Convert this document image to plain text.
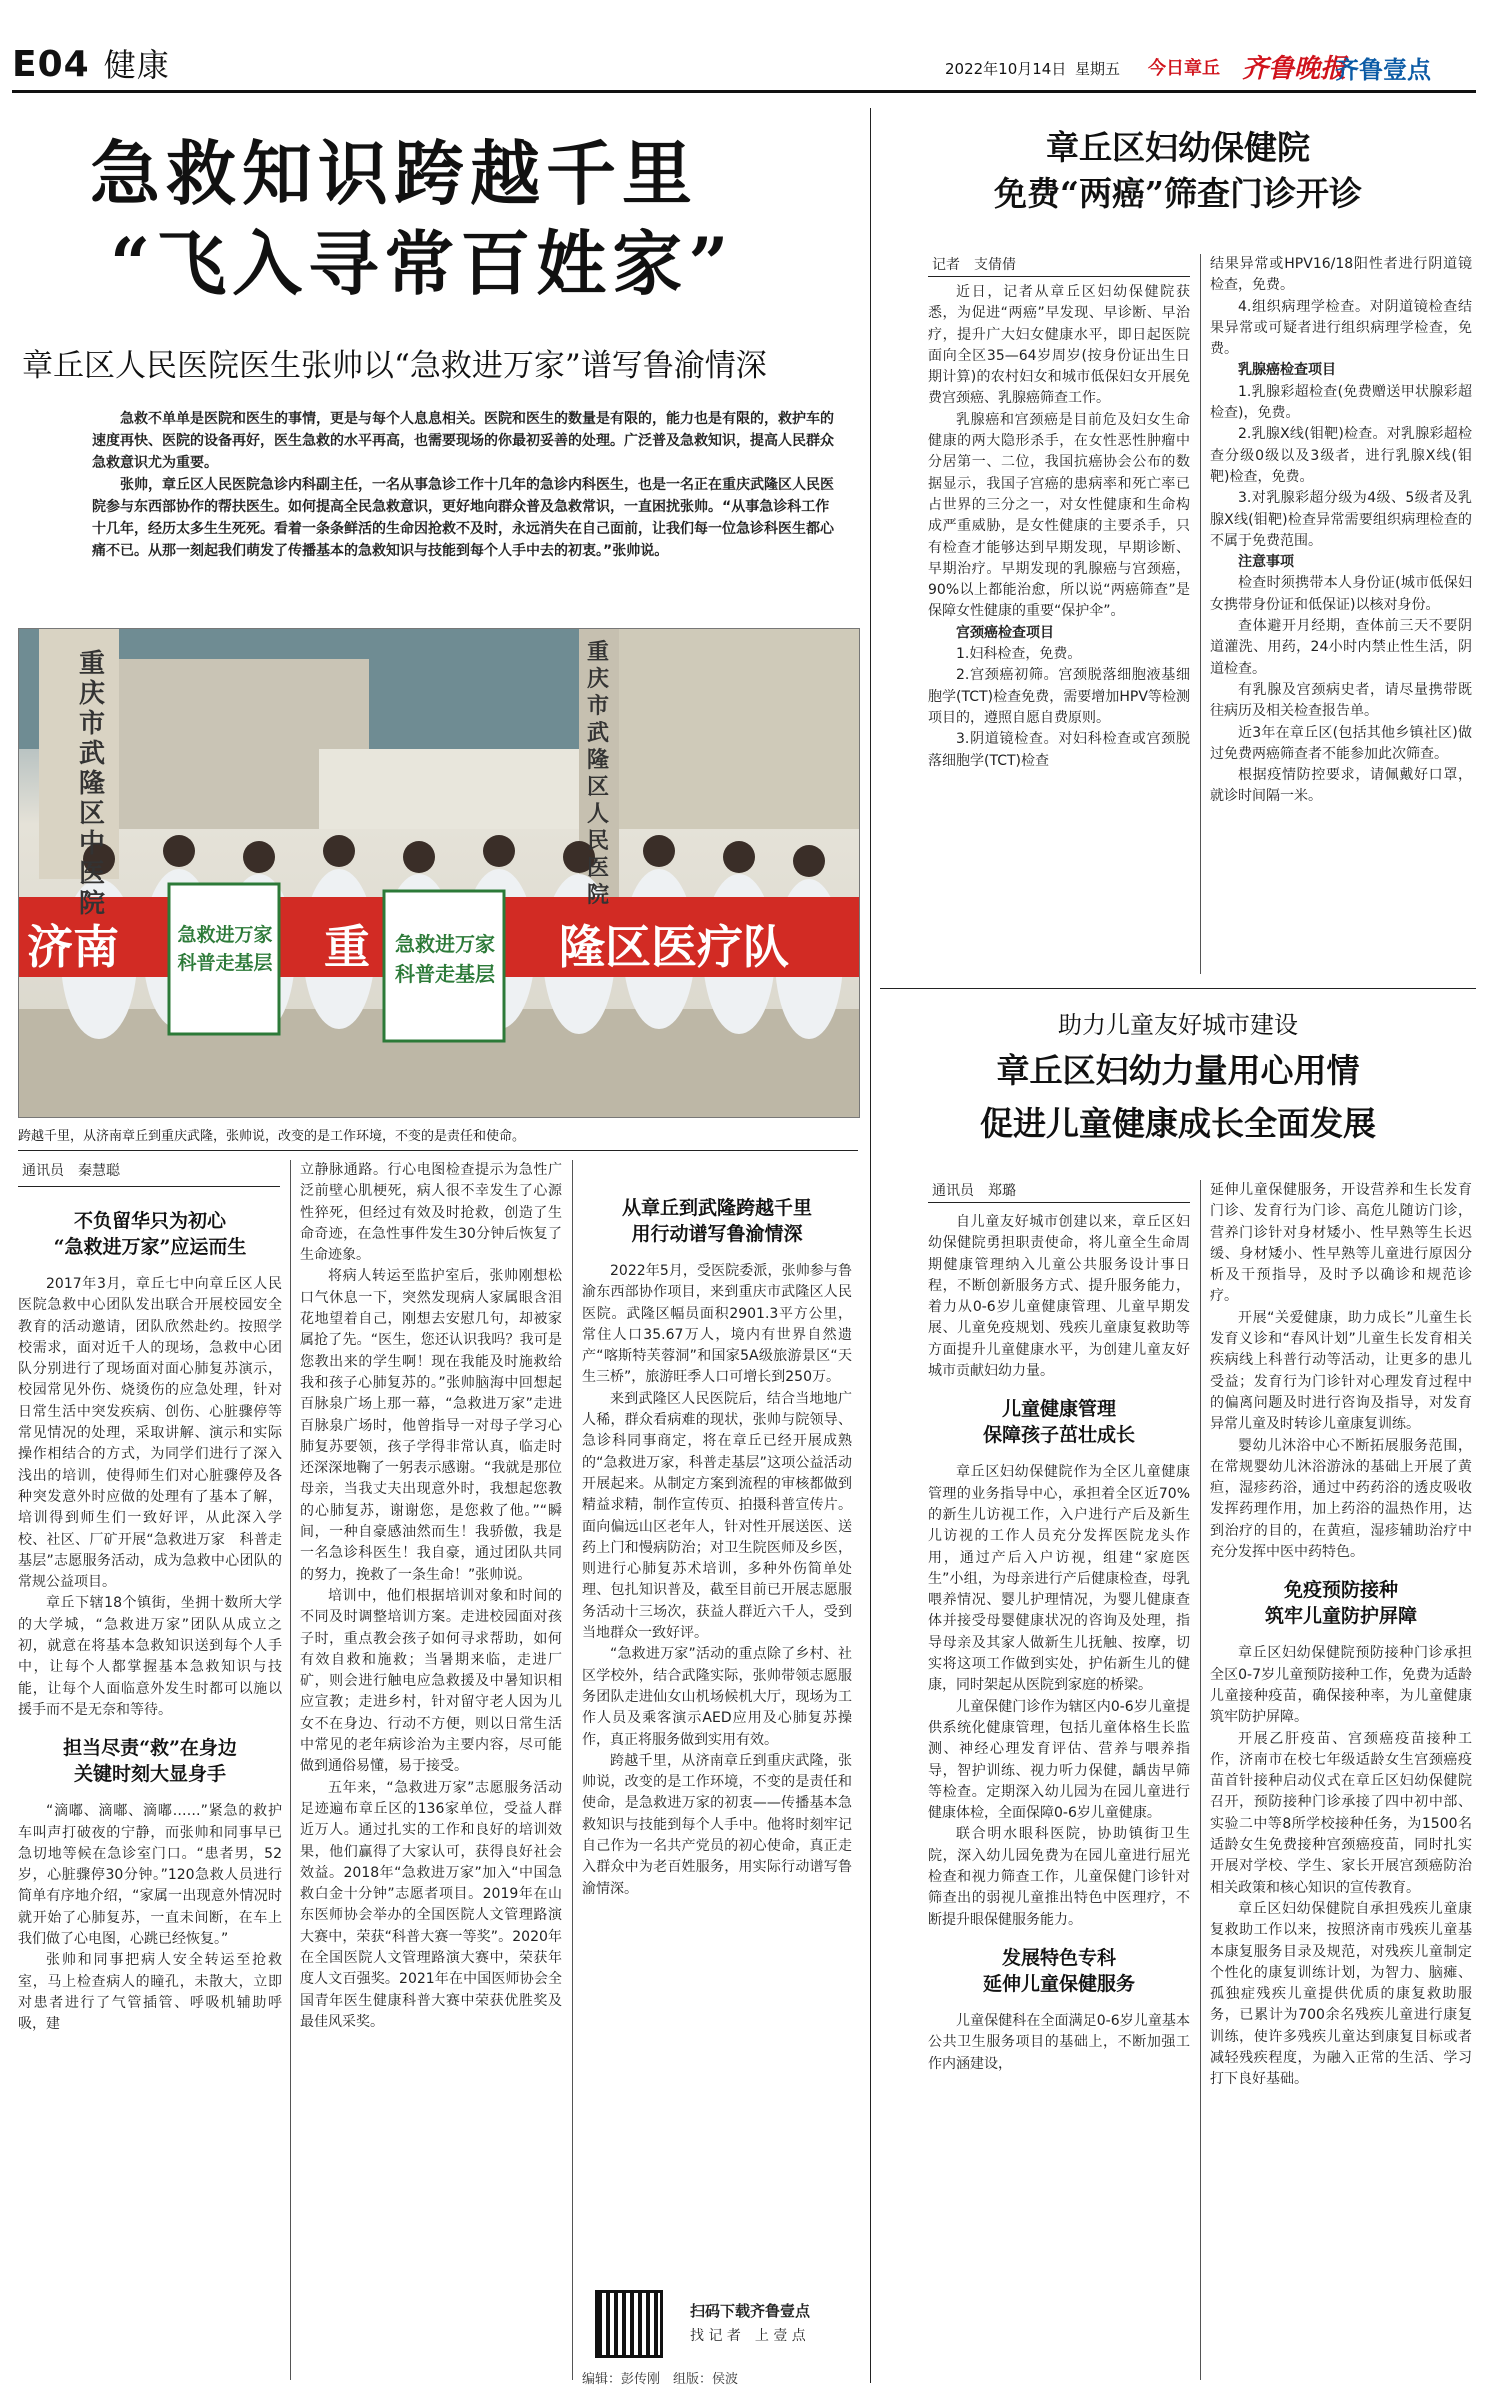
E04 健康	2022年10月14日 星期五 今日章丘 齐鲁晚报
齐鲁壹点
急救知识跨越千里
“飞入寻常百姓家”
章丘区人民医院医生张帅以“急救进万家”谱写鲁渝情深

急救不单单是医院和医生的事情，更是与每个人息息相关。医院和医生的数量是有限的，能力也是有限的，救护车的速度再快、医院的设备再好，医生急救的水平再高，也需要现场的你最初妥善的处理。广泛普及急救知识，提高人民群众急救意识尤为重要。

张帅，章丘区人民医院急诊内科副主任，一名从事急诊工作十几年的急诊内科医生，也是一名正在重庆武隆区人民医院参与东西部协作的帮扶医生。如何提高全民急救意识，更好地向群众普及急救常识，一直困扰张帅。“从事急诊科工作十几年，经历太多生生死死。看着一条条鲜活的生命因抢救不及时，永远消失在自己面前，让我们每一位急诊科医生都心痛不已。从那一刻起我们萌发了传播基本的急救知识与技能到每个人手中去的初衷。”张帅说。

重庆市武隆区中医院
重庆市武隆区人民医院
济南	重	隆区医疗队
急救进万家
科普走基层
急救进万家
科普走基层
跨越千里，从济南章丘到重庆武隆，张帅说，改变的是工作环境，不变的是责任和使命。
通讯员　秦慧聪
不负留华只为初心
“急救进万家”应运而生

2017年3月，章丘七中向章丘区人民医院急救中心团队发出联合开展校园安全教育的活动邀请，团队欣然赴约。按照学校需求，面对近千人的现场，急救中心团队分别进行了现场面对面心肺复苏演示，校园常见外伤、烧烫伤的应急处理，针对日常生活中突发疾病、创伤、心脏骤停等常见情况的处理，采取讲解、演示和实际操作相结合的方式，为同学们进行了深入浅出的培训，使得师生们对心脏骤停及各种突发意外时应做的处理有了基本了解，培训得到师生们一致好评，从此深入学校、社区、厂矿开展“急救进万家　科普走基层”志愿服务活动，成为急救中心团队的常规公益项目。

章丘下辖18个镇街，坐拥十数所大学的大学城，“急救进万家”团队从成立之初，就意在将基本急救知识送到每个人手中，让每个人都掌握基本急救知识与技能，让每个人面临意外发生时都可以施以援手而不是无奈和等待。

担当尽责“救”在身边
关键时刻大显身手

“滴嘟、滴嘟、滴嘟……”紧急的救护车叫声打破夜的宁静，而张帅和同事早已急切地等候在急诊室门口。“患者男，52岁，心脏骤停30分钟。”120急救人员进行简单有序地介绍，“家属一出现意外情况时就开始了心肺复苏，一直未间断，在车上我们做了心电图，心跳已经恢复。”

张帅和同事把病人安全转运至抢救室，马上检查病人的瞳孔，未散大，立即对患者进行了气管插管、呼吸机辅助呼吸，建

立静脉通路。行心电图检查提示为急性广泛前壁心肌梗死，病人很不幸发生了心源性猝死，但经过有效及时抢救，创造了生命奇迹，在急性事件发生30分钟后恢复了生命迹象。

将病人转运至监护室后，张帅刚想松口气休息一下，突然发现病人家属眼含泪花地望着自己，刚想去安慰几句，却被家属抢了先。“医生，您还认识我吗？我可是您教出来的学生啊！现在我能及时施救给我和孩子心肺复苏的。”张帅脑海中回想起百脉泉广场上那一幕，“急救进万家”走进百脉泉广场时，他曾指导一对母子学习心肺复苏要领，孩子学得非常认真，临走时还深深地鞠了一躬表示感谢。“我就是那位母亲，当我丈夫出现意外时，我想起您教的心肺复苏，谢谢您，是您救了他。”“瞬间，一种自豪感油然而生！我骄傲，我是一名急诊科医生！我自豪，通过团队共同的努力，挽救了一条生命！”张帅说。

培训中，他们根据培训对象和时间的不同及时调整培训方案。走进校园面对孩子时，重点教会孩子如何寻求帮助，如何有效自救和施救；当暑期来临，走进厂矿，则会进行触电应急救援及中暑知识相应宣教；走进乡村，针对留守老人因为儿女不在身边、行动不方便，则以日常生活中常见的老年病诊治为主要内容，尽可能做到通俗易懂，易于接受。

五年来，“急救进万家”志愿服务活动足迹遍布章丘区的136家单位，受益人群近万人。通过扎实的工作和良好的培训效果，他们赢得了大家认可，获得良好社会效益。2018年“急救进万家”加入“中国急救白金十分钟”志愿者项目。2019年在山东医师协会举办的全国医院人文管理路演大赛中，荣获“科普大赛一等奖”。2020年在全国医院人文管理路演大赛中，荣获年度人文百强奖。2021年在中国医师协会全国青年医生健康科普大赛中荣获优胜奖及最佳风采奖。

从章丘到武隆跨越千里
用行动谱写鲁渝情深

2022年5月，受医院委派，张帅参与鲁渝东西部协作项目，来到重庆市武隆区人民医院。武隆区幅员面积2901.3平方公里，常住人口35.67万人，境内有世界自然遗产“喀斯特芙蓉洞”和国家5A级旅游景区“天生三桥”，旅游旺季人口可增长到250万。

来到武隆区人民医院后，结合当地地广人稀，群众看病难的现状，张帅与院领导、急诊科同事商定，将在章丘已经开展成熟的“急救进万家，科普走基层”这项公益活动开展起来。从制定方案到流程的审核都做到精益求精，制作宣传页、拍摄科普宣传片。面向偏远山区老年人，针对性开展送医、送药上门和慢病防治；对卫生院医师及乡医，则进行心肺复苏术培训，多种外伤简单处理、包扎知识普及，截至目前已开展志愿服务活动十三场次，获益人群近六千人，受到当地群众一致好评。

“急救进万家”活动的重点除了乡村、社区学校外，结合武隆实际，张帅带领志愿服务团队走进仙女山机场候机大厅，现场为工作人员及乘客演示AED应用及心肺复苏操作，真正将服务做到实用有效。

跨越千里，从济南章丘到重庆武隆，张帅说，改变的是工作环境，不变的是责任和使命，是急救进万家的初衷——传播基本急救知识与技能到每个人手中。他将时刻牢记自己作为一名共产党员的初心使命，真正走入群众中为老百姓服务，用实际行动谱写鲁渝情深。

扫码下载齐鲁壹点
找 记 者　上 壹 点
编辑：彭传刚　组版：侯波
章丘区妇幼保健院
免费“两癌”筛查门诊开诊
记者　支倩倩

近日，记者从章丘区妇幼保健院获悉，为促进“两癌”早发现、早诊断、早治疗，提升广大妇女健康水平，即日起医院面向全区35—64岁周岁(按身份证出生日期计算)的农村妇女和城市低保妇女开展免费宫颈癌、乳腺癌筛查工作。

乳腺癌和宫颈癌是目前危及妇女生命健康的两大隐形杀手，在女性恶性肿瘤中分居第一、二位，我国抗癌协会公布的数据显示，我国子宫癌的患病率和死亡率已占世界的三分之一，对女性健康和生命构成严重威胁，是女性健康的主要杀手，只有检查才能够达到早期发现，早期诊断、早期治疗。早期发现的乳腺癌与宫颈癌，90%以上都能治愈，所以说“两癌筛查”是保障女性健康的重要“保护伞”。

宫颈癌检查项目

1.妇科检查，免费。

2.宫颈癌初筛。宫颈脱落细胞液基细胞学(TCT)检查免费，需要增加HPV等检测项目的，遵照自愿自费原则。

3.阴道镜检查。对妇科检查或宫颈脱落细胞学(TCT)检查

结果异常或HPV16/18阳性者进行阴道镜检查，免费。

4.组织病理学检查。对阴道镜检查结果异常或可疑者进行组织病理学检查，免费。

乳腺癌检查项目

1.乳腺彩超检查(免费赠送甲状腺彩超检查)，免费。

2.乳腺X线(钼靶)检查。对乳腺彩超检查分级0级以及3级者，进行乳腺X线(钼靶)检查，免费。

3.对乳腺彩超分级为4级、5级者及乳腺X线(钼靶)检查异常需要组织病理检查的不属于免费范围。

注意事项

检查时须携带本人身份证(城市低保妇女携带身份证和低保证)以核对身份。

查体避开月经期，查体前三天不要阴道灌洗、用药，24小时内禁止性生活，阴道检查。

有乳腺及宫颈病史者，请尽量携带既往病历及相关检查报告单。

近3年在章丘区(包括其他乡镇社区)做过免费两癌筛查者不能参加此次筛查。

根据疫情防控要求，请佩戴好口罩，就诊时间隔一米。

助力儿童友好城市建设
章丘区妇幼力量用心用情
促进儿童健康成长全面发展
通讯员　郑璐

自儿童友好城市创建以来，章丘区妇幼保健院勇担职责使命，将儿童全生命周期健康管理纳入儿童公共服务设计事日程，不断创新服务方式、提升服务能力，着力从0-6岁儿童健康管理、儿童早期发展、儿童免疫规划、残疾儿童康复救助等方面提升儿童健康水平，为创建儿童友好城市贡献妇幼力量。

儿童健康管理
保障孩子茁壮成长

章丘区妇幼保健院作为全区儿童健康管理的业务指导中心，承担着全区近70%的新生儿访视工作，入户进行产后及新生儿访视的工作人员充分发挥医院龙头作用，通过产后入户访视，组建“家庭医生”小组，为母亲进行产后健康检查，母乳喂养情况、婴儿护理情况，为婴儿健康查体并接受母婴健康状况的咨询及处理，指导母亲及其家人做新生儿抚触、按摩，切实将这项工作做到实处，护佑新生儿的健康，同时架起从医院到家庭的桥梁。

儿童保健门诊作为辖区内0-6岁儿童提供系统化健康管理，包括儿童体格生长监测、神经心理发育评估、营养与喂养指导，智护训练、视力听力保健，龋齿早筛等检查。定期深入幼儿园为在园儿童进行健康体检，全面保障0-6岁儿童健康。

联合明水眼科医院，协助镇街卫生院，深入幼儿园免费为在园儿童进行屈光检查和视力筛查工作，儿童保健门诊针对筛查出的弱视儿童推出特色中医理疗，不断提升眼保健服务能力。

发展特色专科
延伸儿童保健服务

儿童保健科在全面满足0-6岁儿童基本公共卫生服务项目的基础上，不断加强工作内涵建设，

延伸儿童保健服务，开设营养和生长发育门诊、发育行为门诊、高危儿随访门诊，营养门诊针对身材矮小、性早熟等生长迟缓、身材矮小、性早熟等儿童进行原因分析及干预指导，及时予以确诊和规范诊疗。

开展“关爱健康，助力成长”儿童生长发育义诊和“春风计划”儿童生长发育相关疾病线上科普行动等活动，让更多的患儿受益；发育行为门诊针对心理发育过程中的偏离问题及时进行咨询及指导，对发育异常儿童及时转诊儿童康复训练。

婴幼儿沐浴中心不断拓展服务范围，在常规婴幼儿沐浴游泳的基础上开展了黄疸，湿疹药浴，通过中药药浴的透皮吸收发挥药理作用，加上药浴的温热作用，达到治疗的目的，在黄疸，湿疹辅助治疗中充分发挥中医中药特色。

免疫预防接种
筑牢儿童防护屏障

章丘区妇幼保健院预防接种门诊承担全区0-7岁儿童预防接种工作，免费为适龄儿童接种疫苗，确保接种率，为儿童健康筑牢防护屏障。

开展乙肝疫苗、宫颈癌疫苗接种工作，济南市在校七年级适龄女生宫颈癌疫苗首针接种启动仪式在章丘区妇幼保健院召开，预防接种门诊承接了四中初中部、实验二中等8所学校接种任务，为1500名适龄女生免费接种宫颈癌疫苗，同时扎实开展对学校、学生、家长开展宫颈癌防治相关政策和核心知识的宣传教育。

章丘区妇幼保健院自承担残疾儿童康复救助工作以来，按照济南市残疾儿童基本康复服务目录及规范，对残疾儿童制定个性化的康复训练计划，为智力、脑瘫、孤独症残疾儿童提供优质的康复救助服务，已累计为700余名残疾儿童进行康复训练，使许多残疾儿童达到康复目标或者减轻残疾程度，为融入正常的生活、学习打下良好基础。
